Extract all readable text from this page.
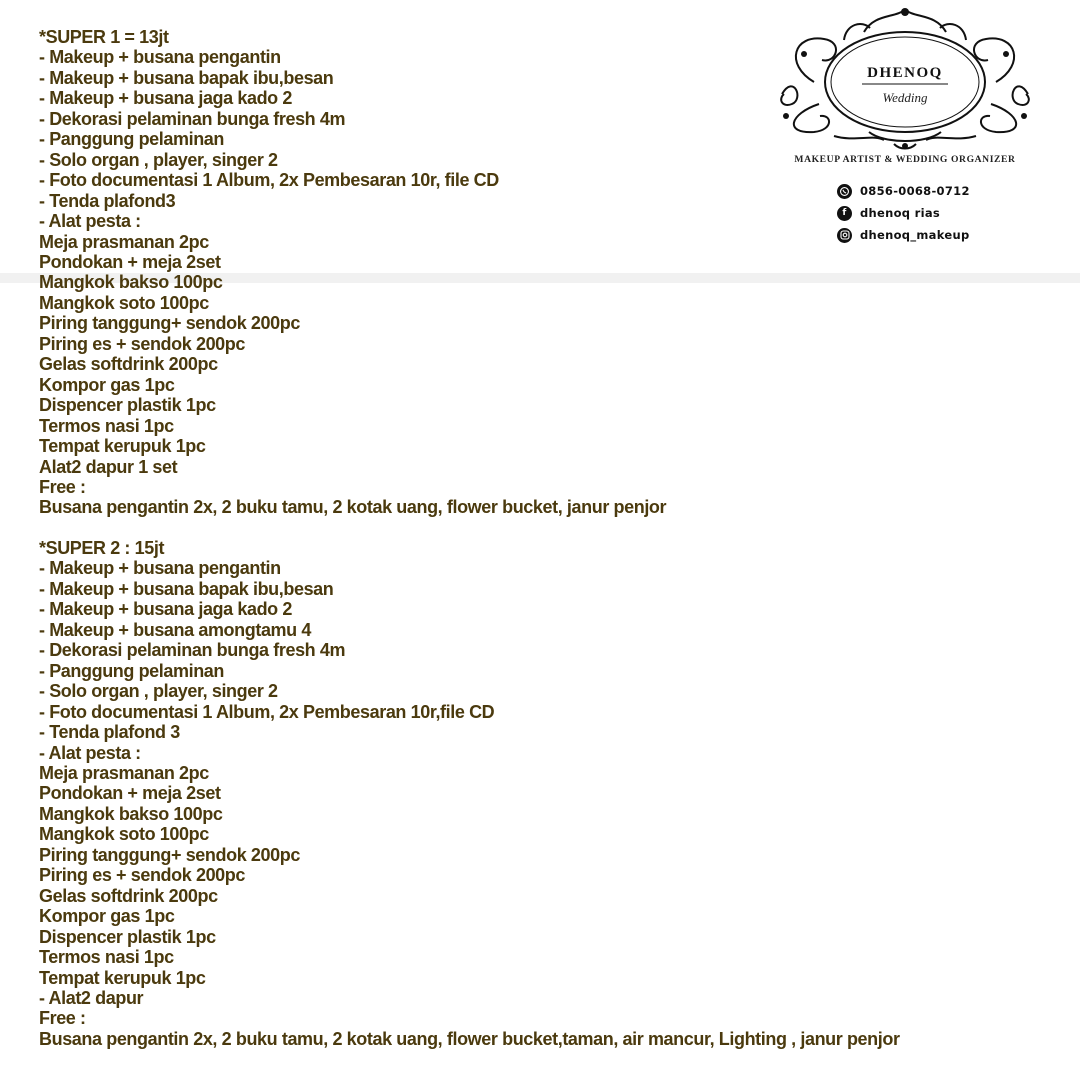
*SUPER 1 = 13jt
- Makeup + busana pengantin
- Makeup + busana bapak ibu,besan
- Makeup + busana jaga kado 2
- Dekorasi pelaminan bunga fresh 4m
- Panggung pelaminan
- Solo organ , player, singer 2
- Foto documentasi 1 Album, 2x Pembesaran 10r, file CD
- Tenda plafond3
- Alat pesta :
Meja prasmanan 2pc
Pondokan + meja 2set
Mangkok bakso 100pc
Mangkok soto 100pc
Piring tanggung+ sendok 200pc
Piring es + sendok 200pc
Gelas softdrink 200pc
Kompor gas 1pc
Dispencer plastik 1pc
Termos nasi 1pc
Tempat kerupuk 1pc
Alat2 dapur 1 set
Free :
Busana pengantin 2x, 2 buku tamu, 2 kotak uang, flower bucket, janur penjor
*SUPER 2 : 15jt
- Makeup + busana pengantin
- Makeup + busana bapak ibu,besan
- Makeup + busana jaga kado 2
- Makeup + busana amongtamu 4
- Dekorasi pelaminan bunga fresh 4m
- Panggung pelaminan
- Solo organ , player, singer 2
- Foto documentasi 1 Album, 2x Pembesaran 10r,file CD
- Tenda plafond 3
- Alat pesta :
Meja prasmanan 2pc
Pondokan + meja 2set
Mangkok bakso 100pc
Mangkok soto 100pc
Piring tanggung+ sendok 200pc
Piring es + sendok 200pc
Gelas softdrink 200pc
Kompor gas 1pc
Dispencer plastik 1pc
Termos nasi 1pc
Tempat kerupuk 1pc
- Alat2 dapur
Free :
Busana pengantin 2x, 2 buku tamu, 2 kotak uang, flower bucket,taman, air mancur, Lighting , janur penjor
DHENOQ
Wedding
MAKEUP ARTIST & WEDDING ORGANIZER
0856-0068-0712
f	dhenoq rias
dhenoq_makeup
